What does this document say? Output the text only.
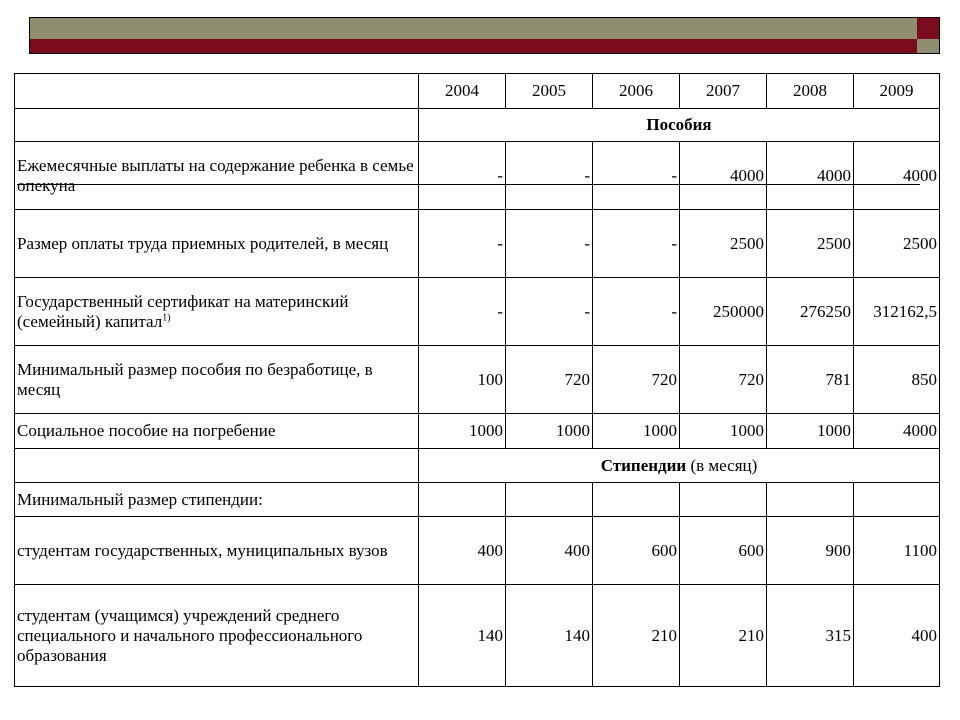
	2004	2005	2006	2007	2008	2009
	Пособия					
Ежемесячные выплаты на содержание ребенка в семье опекуна	-	-	-	4000	4000	4000
Размер оплаты труда приемных родителей, в месяц	-	-	-	2500	2500	2500
Государственный сертификат на материнский (семейный) капитал$^{1)}$	-	-	-	250000	276250	312162,5
Минимальный размер пособия по безработице, в месяц	100	720	720	720	781	850
Социальное пособие на погребение	1000	1000	1000	1000	1000	4000
	Стипендии (в месяц)					
Минимальный размер стипендии:						
студентам государственных, муниципальных вузов	400	400	600	600	900	1100
студентам (учащимся) учреждений среднего специального и начального профессионального образования	140	140	210	210	315	400
